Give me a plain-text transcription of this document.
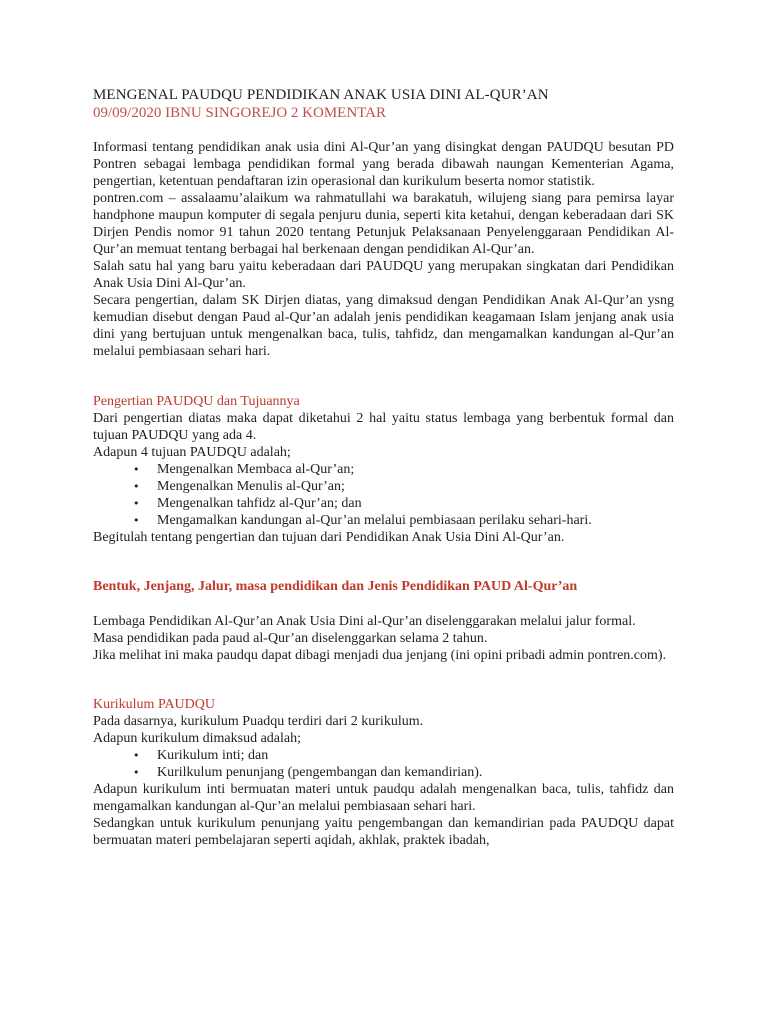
MENGENAL PAUDQU PENDIDIKAN ANAK USIA DINI AL-QUR’AN
09/09/2020 IBNU SINGOREJO 2 KOMENTAR

Informasi tentang pendidikan anak usia dini Al-Qur’an yang disingkat dengan PAUDQU besutan PD Pontren sebagai lembaga pendidikan formal yang berada dibawah naungan Kementerian Agama, pengertian, ketentuan pendaftaran izin operasional dan kurikulum beserta nomor statistik.

pontren.com – assalaamu’alaikum wa rahmatullahi wa barakatuh, wilujeng siang para pemirsa layar handphone maupun komputer di segala penjuru dunia, seperti kita ketahui, dengan keberadaan dari SK Dirjen Pendis nomor 91 tahun 2020 tentang Petunjuk Pelaksanaan Penyelenggaraan Pendidikan Al-Qur’an memuat tentang berbagai hal berkenaan dengan pendidikan Al-Qur’an.

Salah satu hal yang baru yaitu keberadaan dari PAUDQU yang merupakan singkatan dari Pendidikan Anak Usia Dini Al-Qur’an.

Secara pengertian, dalam SK Dirjen diatas, yang dimaksud dengan Pendidikan Anak Al-Qur’an ysng kemudian disebut dengan Paud al-Qur’an adalah jenis pendidikan keagamaan Islam jenjang anak usia dini yang bertujuan untuk mengenalkan baca, tulis, tahfidz, dan mengamalkan kandungan al-Qur’an melalui pembiasaan sehari hari.

Pengertian PAUDQU dan Tujuannya

Dari pengertian diatas maka dapat diketahui 2 hal yaitu status lembaga yang berbentuk formal dan tujuan PAUDQU yang ada 4.

Adapun 4 tujuan PAUDQU adalah;

• Mengenalkan Membaca al-Qur’an;
• Mengenalkan Menulis al-Qur’an;
• Mengenalkan tahfidz al-Qur’an; dan
• Mengamalkan kandungan al-Qur’an melalui pembiasaan perilaku sehari-hari.

Begitulah tentang pengertian dan tujuan dari Pendidikan Anak Usia Dini Al-Qur’an.

Bentuk, Jenjang, Jalur, masa pendidikan dan Jenis Pendidikan PAUD Al-Qur’an

Lembaga Pendidikan Al-Qur’an Anak Usia Dini al-Qur’an diselenggarakan melalui jalur formal.

Masa pendidikan pada paud al-Qur’an diselenggarkan selama 2 tahun.

Jika melihat ini maka paudqu dapat dibagi menjadi dua jenjang (ini opini pribadi admin pontren.com).

Kurikulum PAUDQU

Pada dasarnya, kurikulum Puadqu terdiri dari 2 kurikulum.

Adapun kurikulum dimaksud adalah;

• Kurikulum inti; dan
• Kurilkulum penunjang (pengembangan dan kemandirian).

Adapun kurikulum inti bermuatan materi untuk paudqu adalah mengenalkan baca, tulis, tahfidz dan mengamalkan kandungan al-Qur’an melalui pembiasaan sehari hari.

Sedangkan untuk kurikulum penunjang yaitu pengembangan dan kemandirian pada PAUDQU dapat bermuatan materi pembelajaran seperti aqidah, akhlak, praktek ibadah,
